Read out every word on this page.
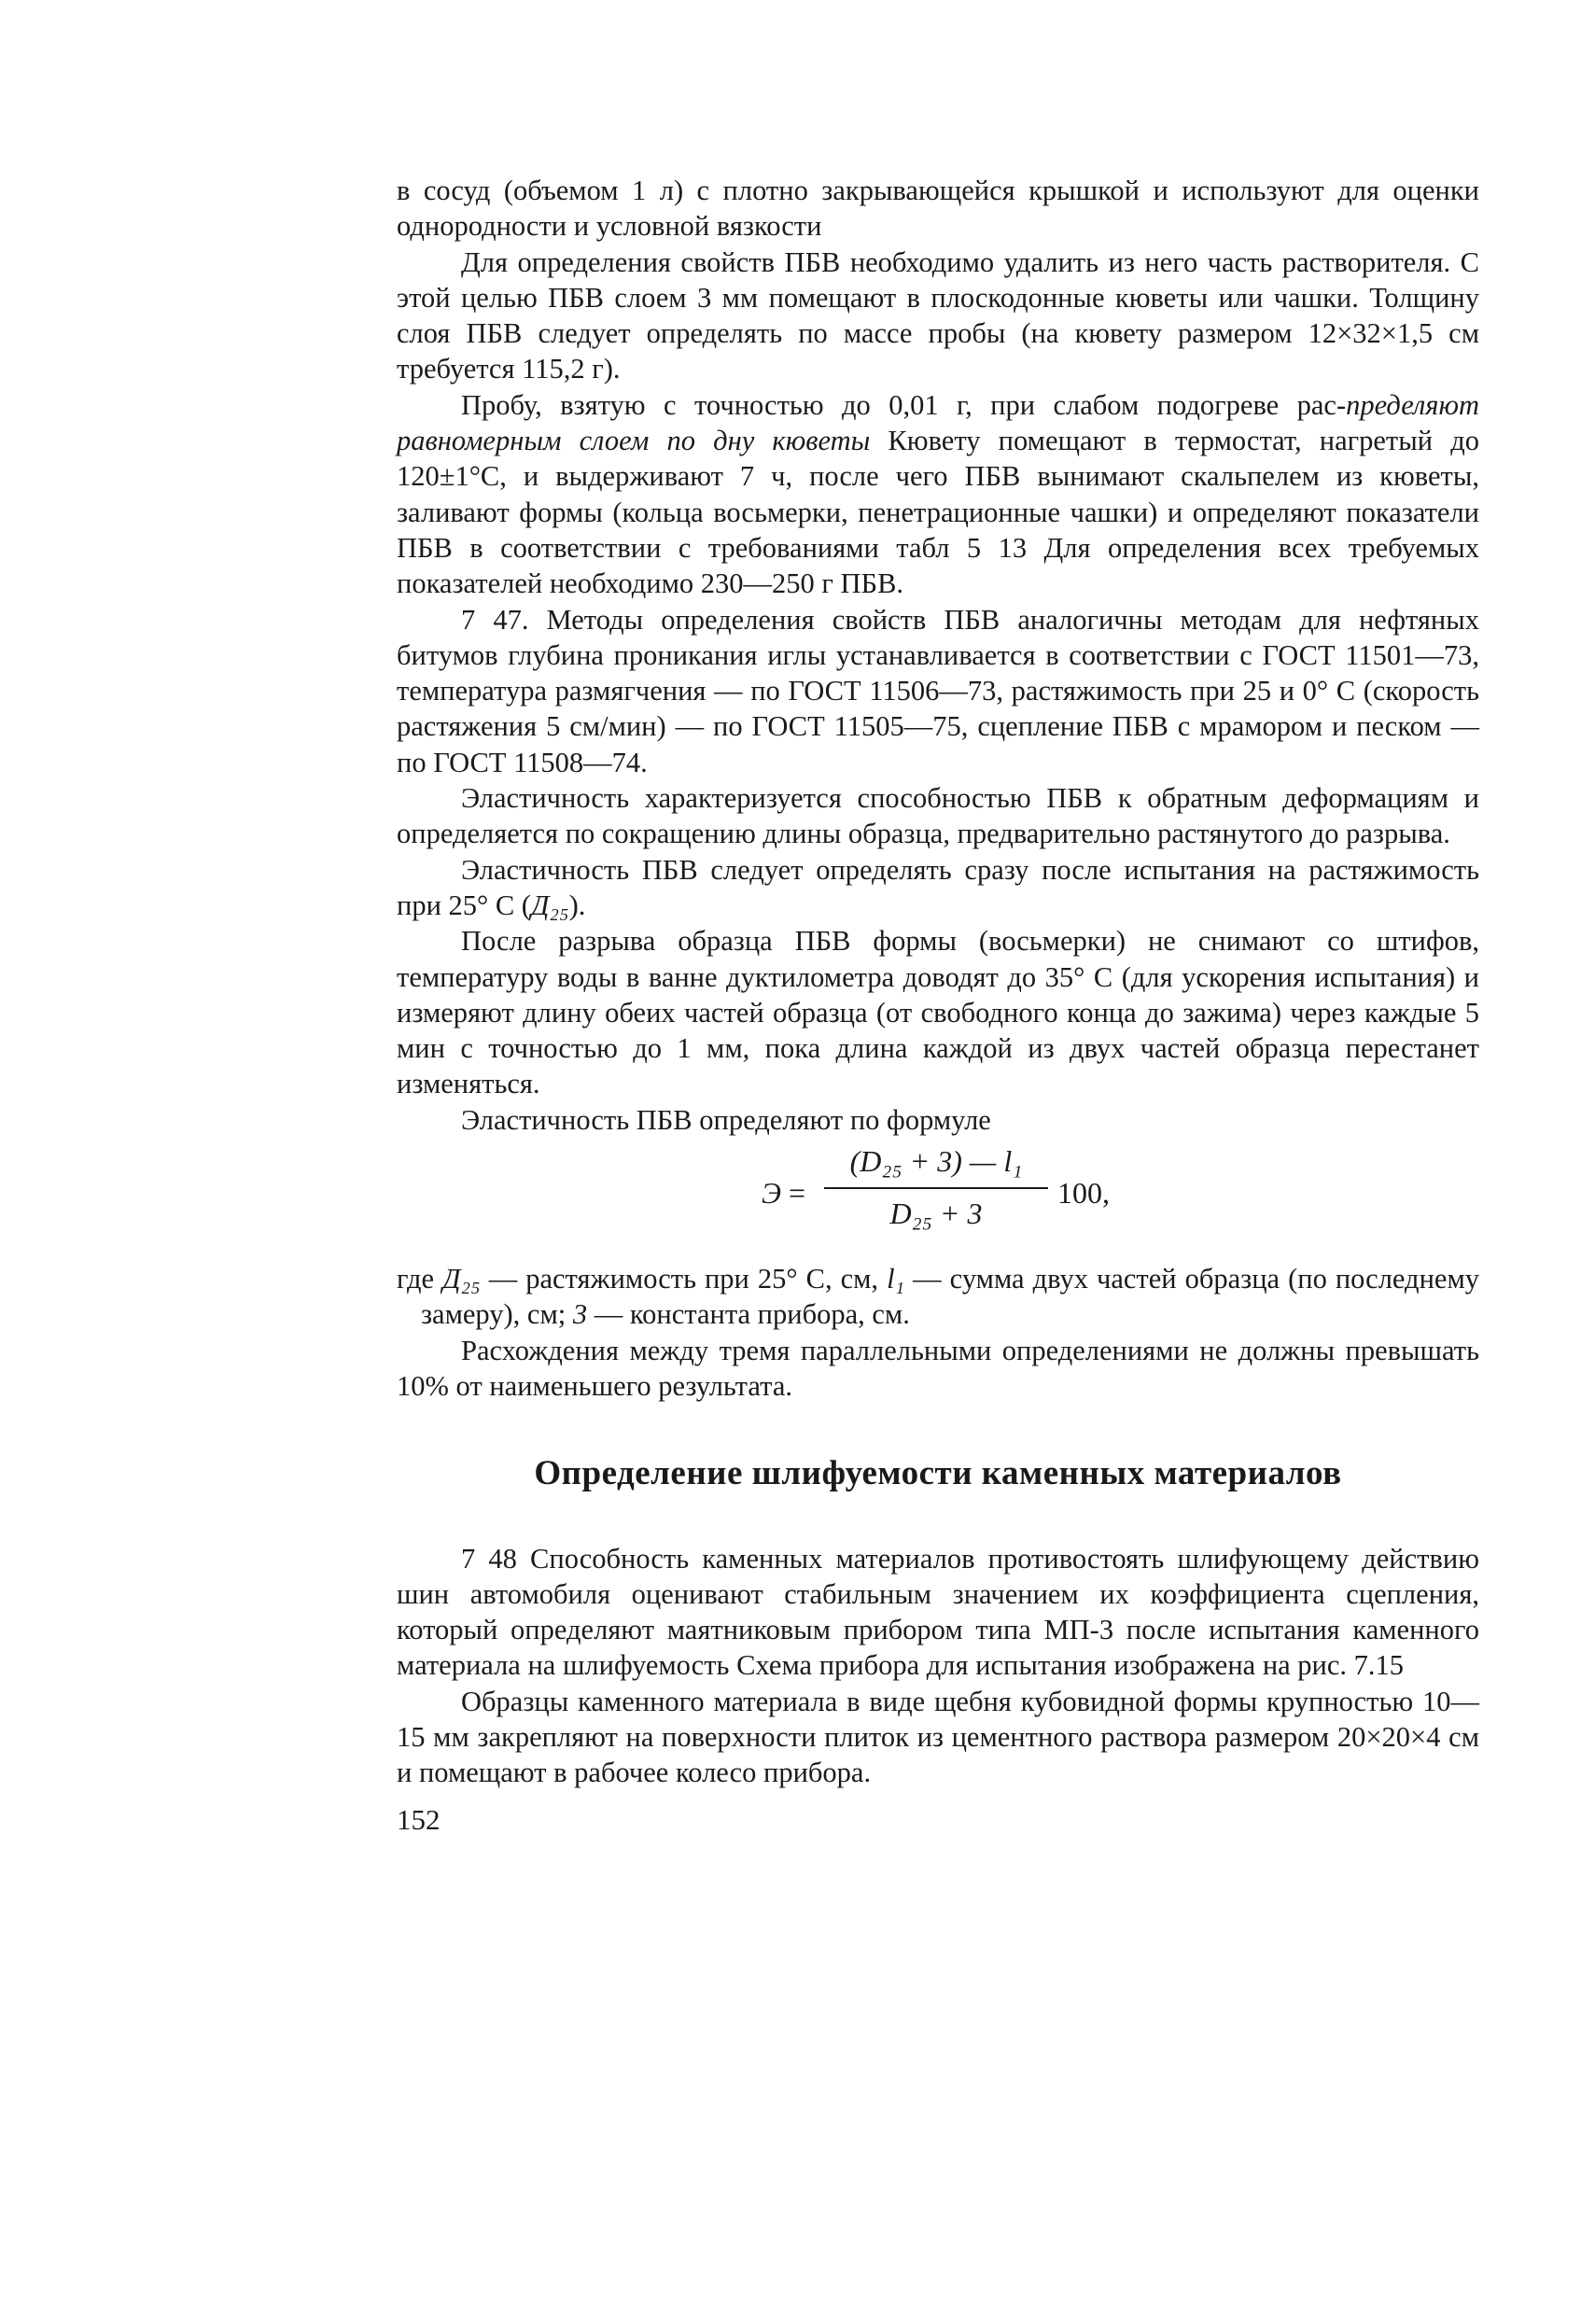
в сосуд (объемом 1 л) с плотно закрывающейся крышкой и используют для оценки однородности и условной вязкости

Для определения свойств ПБВ необходимо удалить из него часть растворителя. С этой целью ПБВ слоем 3 мм помещают в плоскодонные кюветы или чашки. Толщину слоя ПБВ следует определять по массе пробы (на кювету размером 12×32×1,5 см требуется 115,2 г).

Пробу, взятую с точностью до 0,01 г, при слабом подогреве рас-пределяют равномерным слоем по дну кюветы Кювету помещают в термостат, нагретый до 120±1°С, и выдерживают 7 ч, после чего ПБВ вынимают скальпелем из кюветы, заливают формы (кольца восьмерки, пенетрационные чашки) и определяют показатели ПБВ в соответствии с требованиями табл 5 13 Для определения всех требуемых показателей необходимо 230—250 г ПБВ.

7 47. Методы определения свойств ПБВ аналогичны методам для нефтяных битумов глубина проникания иглы устанавливается в соответствии с ГОСТ 11501—73, температура размягчения — по ГОСТ 11506—73, растяжимость при 25 и 0° С (скорость растяжения 5 см/мин) — по ГОСТ 11505—75, сцепление ПБВ с мрамором и песком — по ГОСТ 11508—74.

Эластичность характеризуется способностью ПБВ к обратным деформациям и определяется по сокращению длины образца, предварительно растянутого до разрыва.

Эластичность ПБВ следует определять сразу после испытания на растяжимость при 25° С (Д₂₅).

После разрыва образца ПБВ формы (восьмерки) не снимают со штифов, температуру воды в ванне дуктилометра доводят до 35° С (для ускорения испытания) и измеряют длину обеих частей образца (от свободного конца до зажима) через каждые 5 мин с точностью до 1 мм, пока длина каждой из двух частей образца перестанет изменяться.

Эластичность ПБВ определяют по формуле

Э =
(D₂₅ + 3) — l₁
D₂₅ + 3
100,

где Д₂₅ — растяжимость при 25° С, см, l₁ — сумма двух частей образца (по последнему замеру), см; 3 — константа прибора, см.

Расхождения между тремя параллельными определениями не должны превышать 10% от наименьшего результата.

Определение шлифуемости каменных материалов

7 48 Способность каменных материалов противостоять шлифующему действию шин автомобиля оценивают стабильным значением их коэффициента сцепления, который определяют маятниковым прибором типа МП-3 после испытания каменного материала на шлифуемость Схема прибора для испытания изображена на рис. 7.15

Образцы каменного материала в виде щебня кубовидной формы крупностью 10—15 мм закрепляют на поверхности плиток из цементного раствора размером 20×20×4 см и помещают в рабочее колесо прибора.

152
